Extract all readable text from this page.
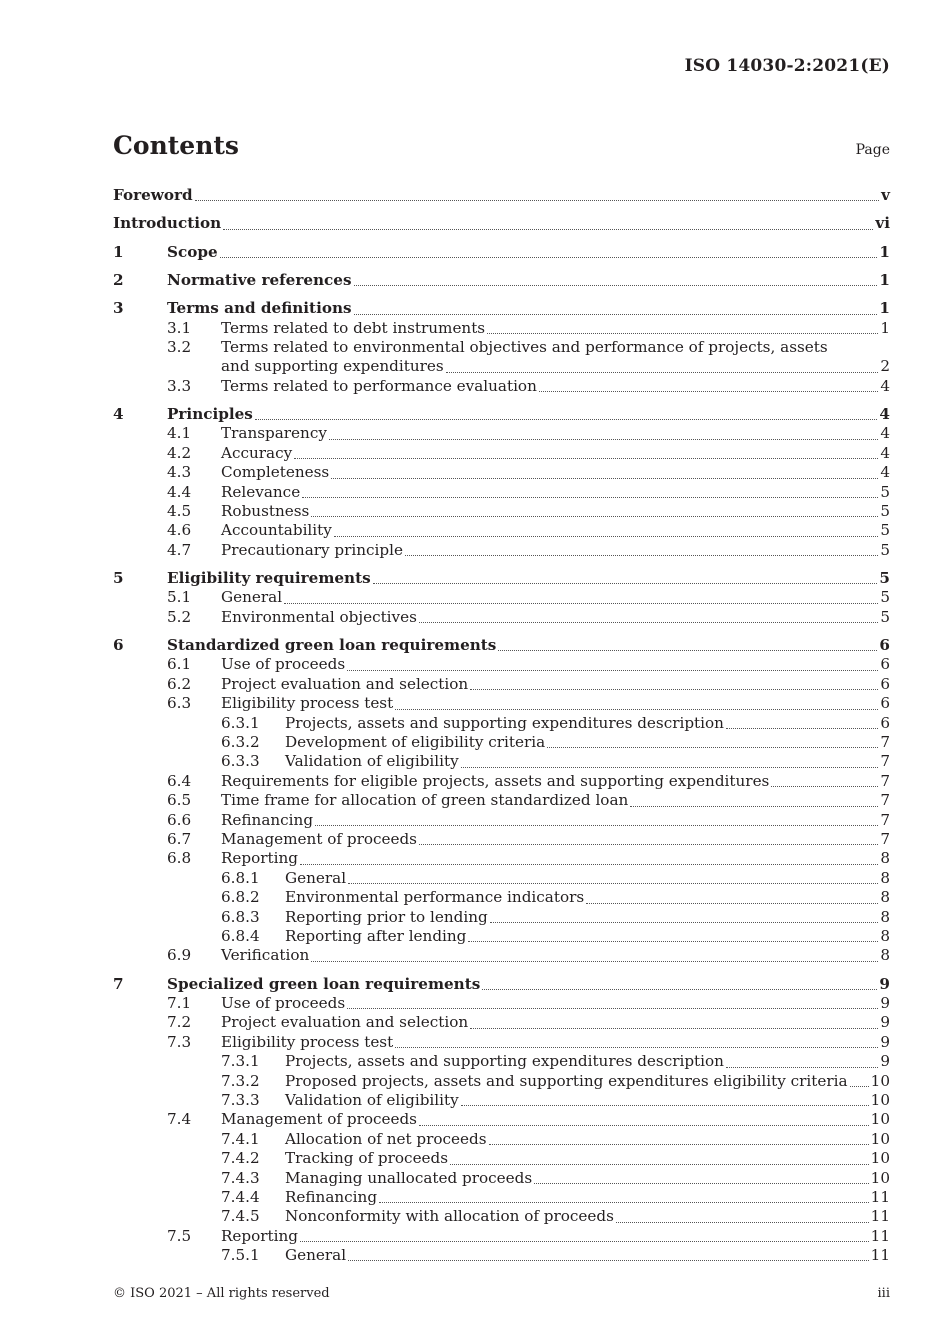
ISO 14030-2:2021(E)
Contents	Page
Foreword	v
Introduction	vi
1	Scope	1
2	Normative references	1
3	Terms and definitions	1
3.1 Terms related to debt instruments	1
3.2 Terms related to environmental objectives and performance of projects, assets
and supporting expenditures	2
3.3 Terms related to performance evaluation	4
4	Principles	4
4.1 Transparency	4
4.2 Accuracy	4
4.3 Completeness	4
4.4 Relevance	5
4.5 Robustness	5
4.6 Accountability	5
4.7 Precautionary principle	5
5	Eligibility requirements	5
5.1 General	5
5.2 Environmental objectives	5
6	Standardized green loan requirements	6
6.1 Use of proceeds	6
6.2 Project evaluation and selection	6
6.3 Eligibility process test	6
6.3.1 Projects, assets and supporting expenditures description	6
6.3.2 Development of eligibility criteria	7
6.3.3 Validation of eligibility	7
6.4 Requirements for eligible projects, assets and supporting expenditures	7
6.5 Time frame for allocation of green standardized loan	7
6.6 Refinancing	7
6.7 Management of proceeds	7
6.8 Reporting	8
6.8.1 General	8
6.8.2 Environmental performance indicators	8
6.8.3 Reporting prior to lending	8
6.8.4 Reporting after lending	8
6.9 Verification	8
7	Specialized green loan requirements	9
7.1 Use of proceeds	9
7.2 Project evaluation and selection	9
7.3 Eligibility process test	9
7.3.1 Projects, assets and supporting expenditures description	9
7.3.2 Proposed projects, assets and supporting expenditures eligibility criteria 10
7.3.3 Validation of eligibility	10
7.4 Management of proceeds	10
7.4.1 Allocation of net proceeds	10
7.4.2 Tracking of proceeds	10
7.4.3 Managing unallocated proceeds	10
7.4.4 Refinancing	11
7.4.5 Nonconformity with allocation of proceeds	11
7.5 Reporting	11
7.5.1 General	11
© ISO 2021 – All rights reserved	iii
